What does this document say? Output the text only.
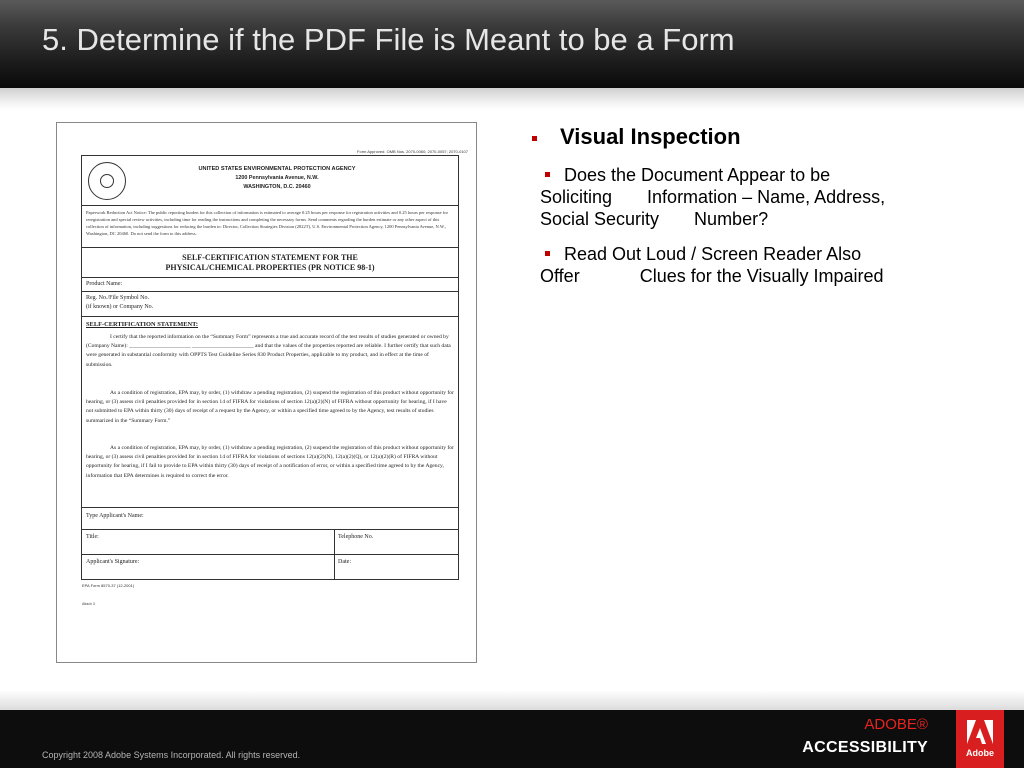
5. Determine if the PDF File is Meant to be a Form
Form Approved. OMB Nos. 2070-0060; 2070-0057; 2070-0107
UNITED STATES ENVIRONMENTAL PROTECTION AGENCY
1200 Pennsylvania Avenue, N.W.
WASHINGTON, D.C. 20460
Paperwork Reduction Act Notice: The public reporting burden for this collection of information is estimated to average 0.25 hours per response for registration activities and 0.25 hours per response for reregistration and special review activities, including time for reading the instructions and completing the necessary forms. Send comments regarding the burden estimate or any other aspect of this collection of information, including suggestions for reducing the burden to: Director, Collection Strategies Division (2822T), U.S. Environmental Protection Agency, 1200 Pennsylvania Avenue, N.W., Washington, DC 20460. Do not send the form to this address.
SELF-CERTIFICATION STATEMENT FOR THE
PHYSICAL/CHEMICAL PROPERTIES (PR NOTICE 98-1)
Product Name:
Reg. No./File Symbol No.
(if known) or Company No.
SELF-CERTIFICATION STATEMENT:
I certify that the reported information on the “Summary Form” represents a true and accurate record of the test results of studies generated or owned by (Company Name): ______________________ ______________________ and that the values of the properties reported are reliable. I further certify that such data were generated in substantial conformity with OPPTS Test Guideline Series 830 Product Properties, applicable to my product, and in effect at the time of submission.
As a condition of registration, EPA may, by order, (1) withdraw a pending registration, (2) suspend the registration of this product without opportunity for hearing, or (3) assess civil penalties provided for in section 14 of FIFRA for violations of section 12(a)(2)(N) of FIFRA without opportunity for hearing, if I have not submitted to EPA within thirty (30) days of receipt of a request by the Agency, or within a specified time agreed to by the Agency, test results of studies summarized in the “Summary Form.”
As a condition of registration, EPA may, by order, (1) withdraw a pending registration, (2) suspend the registration of this product without opportunity for hearing, or (3) assess civil penalties provided for in section 14 of FIFRA for violations of sections 12(a)(2)(N), 12(a)(2)(Q), or 12(a)(2)(R) of FIFRA without opportunity for hearing, if I fail to provide to EPA within thirty (30) days of receipt of a notification of error, or within a specified time agreed to by the Agency, information that EPA determines is required to correct the error.
Type Applicant's Name:
Title:	Telephone No.
Applicant's Signature:	Date:
EPA Form 8570-37 (12-2001)
Attach 3
Visual Inspection
Does the Document Appear to be
Soliciting       Information – Name, Address,
Social Security       Number?
Read Out Loud / Screen Reader Also
Offer            Clues for the Visually Impaired
Copyright 2008 Adobe Systems Incorporated. All rights reserved.
ADOBE®
ACCESSIBILITY	Adobe
